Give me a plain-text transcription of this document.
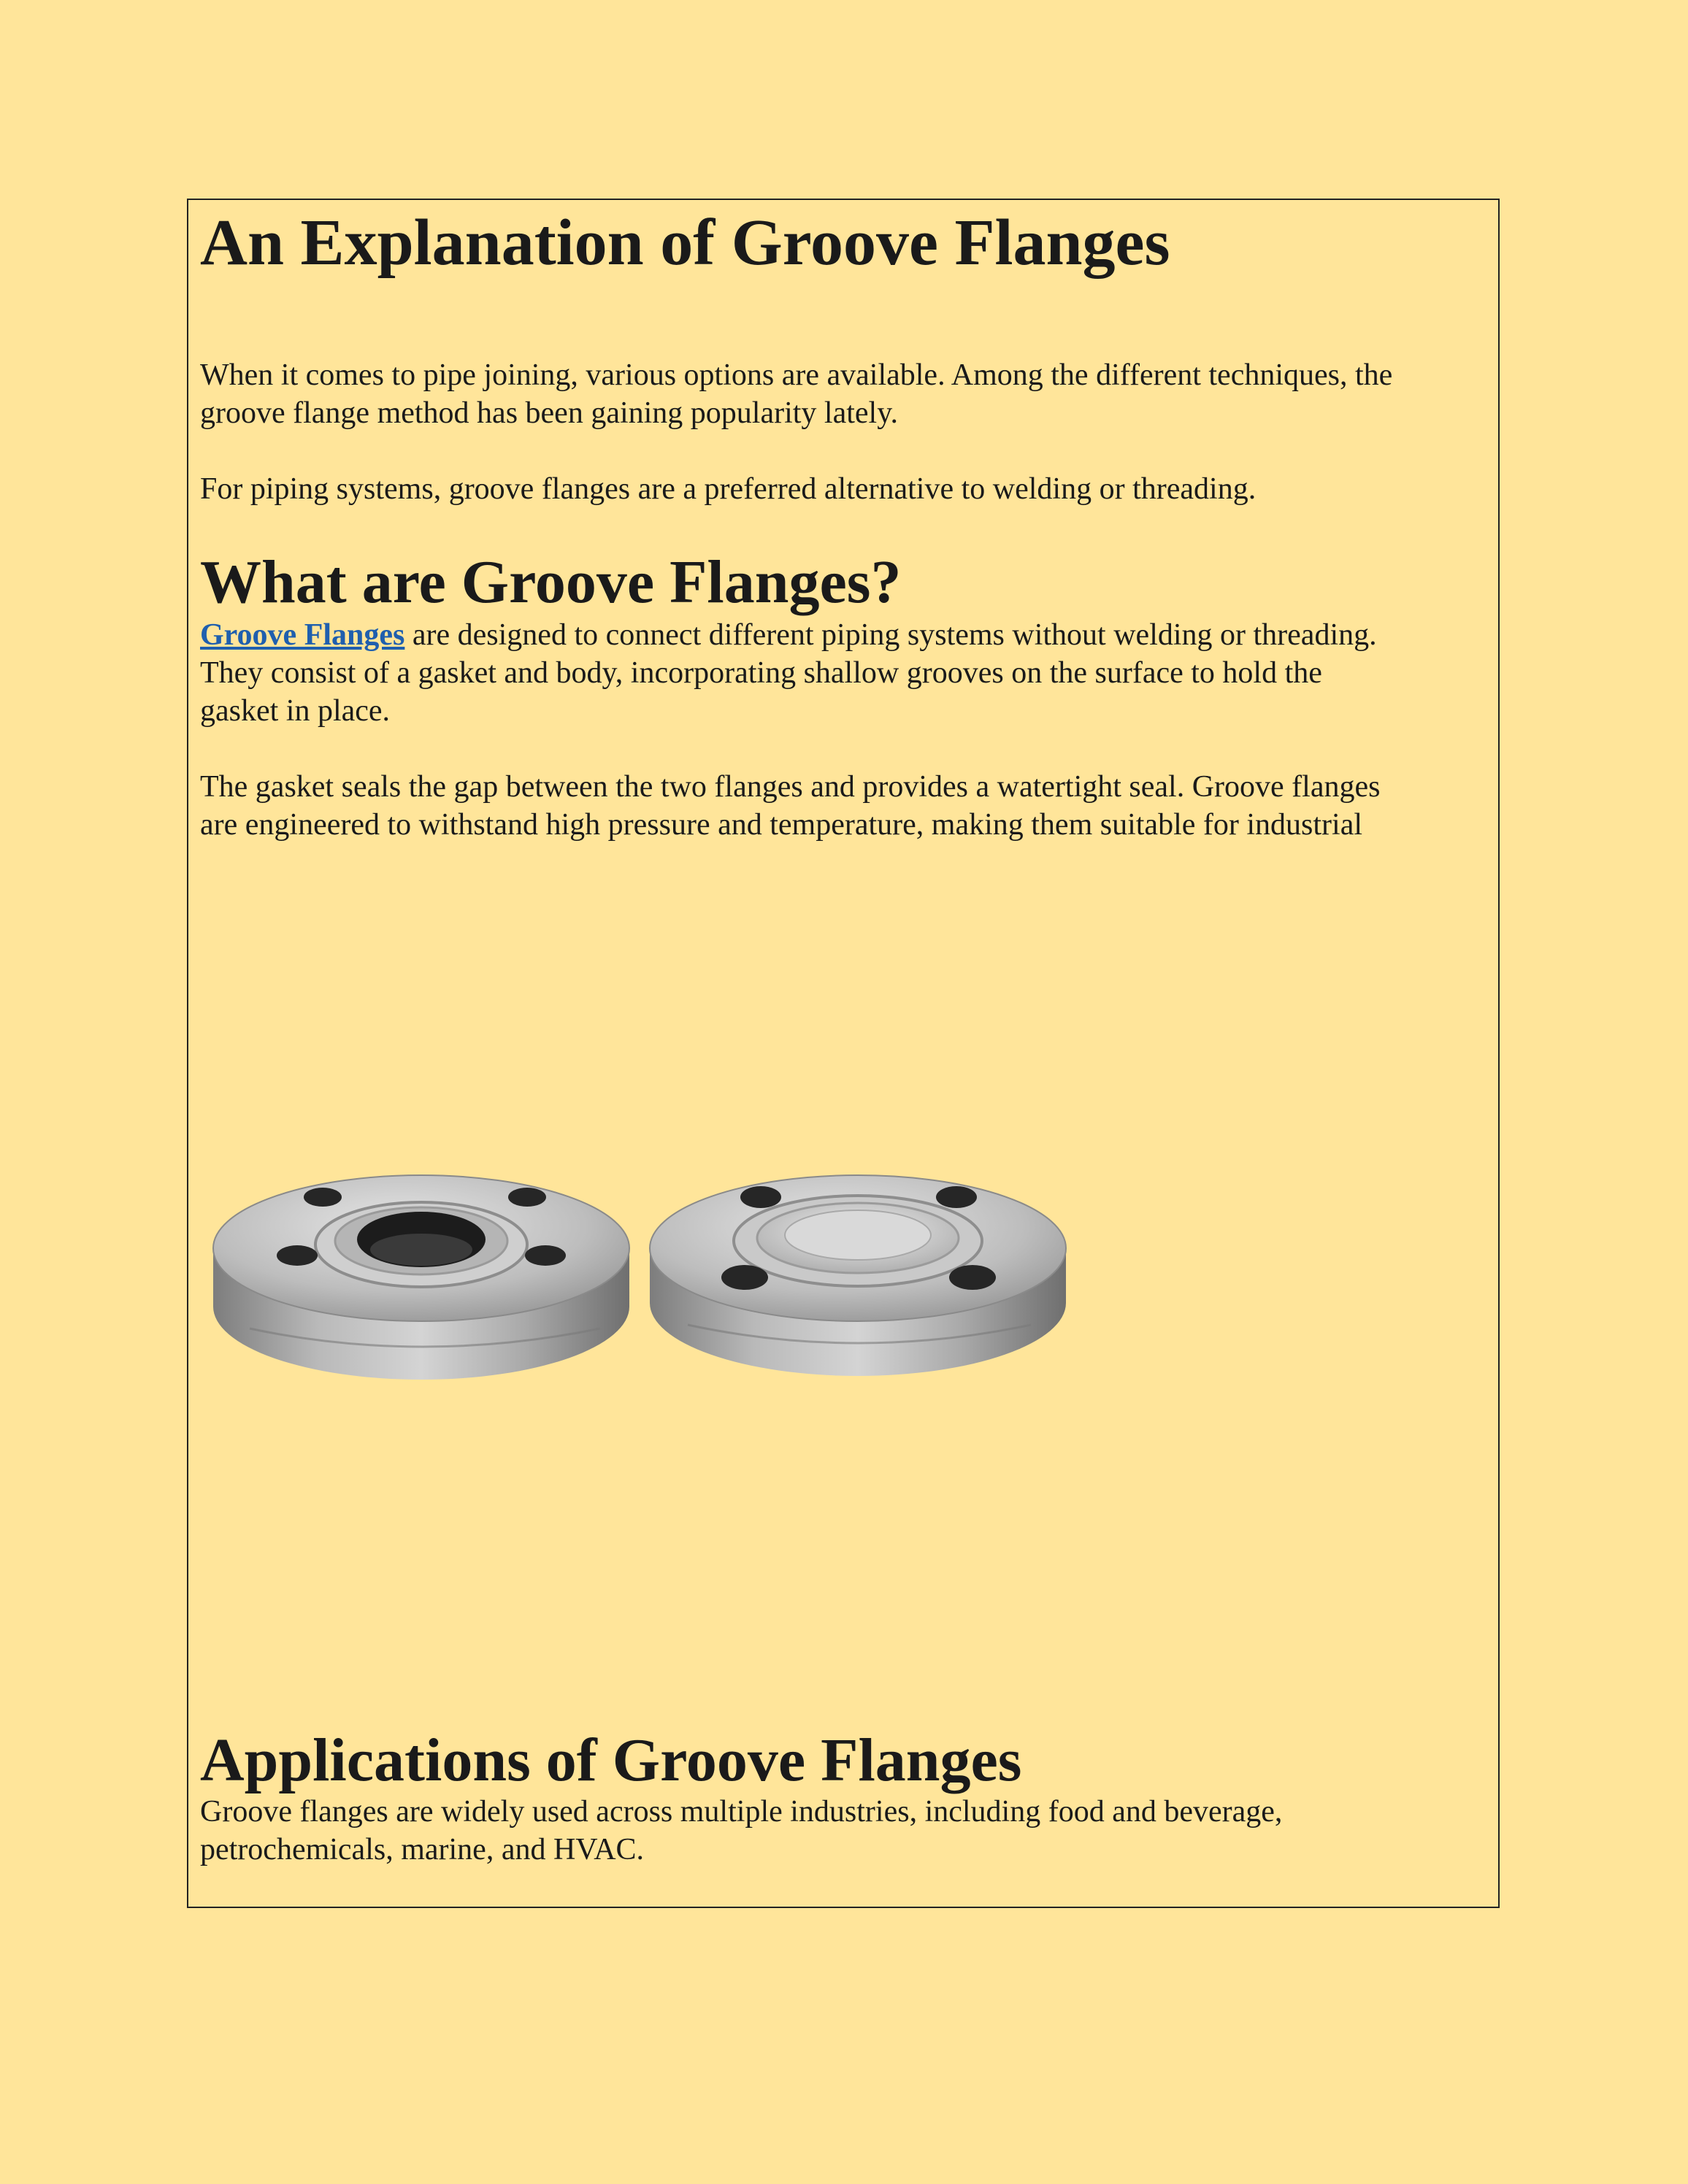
An Explanation of Groove Flanges

When it comes to pipe joining, various options are available. Among the different techniques, the
groove flange method has been gaining popularity lately.

For piping systems, groove flanges are a preferred alternative to welding or threading.

What are Groove Flanges?

Groove Flanges are designed to connect different piping systems without welding or threading.
They consist of a gasket and body, incorporating shallow grooves on the surface to hold the
gasket in place.

The gasket seals the gap between the two flanges and provides a watertight seal. Groove flanges
are engineered to withstand high pressure and temperature, making them suitable for industrial

Applications of Groove Flanges

Groove flanges are widely used across multiple industries, including food and beverage,
petrochemicals, marine, and HVAC.
